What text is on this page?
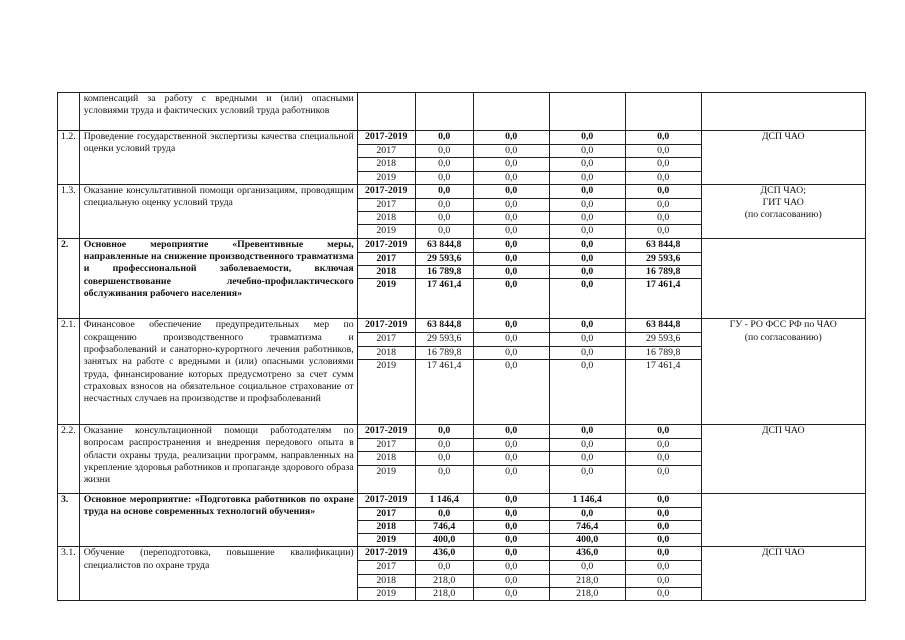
	компенсаций за работу с вредными и (или) опасными условиями труда и фактических условий труда работников						
1.2.	Проведение государственной экспертизы качества специальной оценки условий труда	2017-2019	0,0	0,0	0,0	0,0	ДСП ЧАО

		2017	0,0	0,0	0,0	0,0	
		2018	0,0	0,0	0,0	0,0	
		2019	0,0	0,0	0,0	0,0	
1.3.	Оказание консультативной помощи организациям, проводящим специальную оценку условий труда	2017-2019	0,0	0,0	0,0	0,0	ДСП ЧАО;
ГИТ ЧАО
(по согласованию)

		2017	0,0	0,0	0,0	0,0	
		2018	0,0	0,0	0,0	0,0	
		2019	0,0	0,0	0,0	0,0	
2.	Основное мероприятие «Превентивные меры, направленные на снижение производственного травматизма и профессиональной заболеваемости, включая совершенствование лечебно-профилактического обслуживания рабочего населения»	2017-2019	63 844,8	0,0	0,0	63 844,8	
		2017	29 593,6	0,0	0,0	29 593,6	
		2018	16 789,8	0,0	0,0	16 789,8	
		2019	17 461,4	0,0	0,0	17 461,4	
2.1.	Финансовое обеспечение предупредительных мер по сокращению производственного травматизма и профзаболеваний и санаторно-курортного лечения работников, занятых на работе с вредными и (или) опасными условиями труда, финансирование которых предусмотрено за счет сумм страховых взносов на обязательное социальное страхование от несчастных случаев на производстве и профзаболеваний	2017-2019	63 844,8	0,0	0,0	63 844,8	ГУ - РО ФСС РФ по ЧАО
(по согласованию)

		2017	29 593,6	0,0	0,0	29 593,6	
		2018	16 789,8	0,0	0,0	16 789,8	
		2019	17 461,4	0,0	0,0	17 461,4	
2.2.	Оказание консультационной помощи работодателям по вопросам распространения и внедрения передового опыта в области охраны труда, реализации программ, направленных на укрепление здоровья работников и пропаганде здорового образа жизни	2017-2019	0,0	0,0	0,0	0,0	ДСП ЧАО

		2017	0,0	0,0	0,0	0,0	
		2018	0,0	0,0	0,0	0,0	
		2019	0,0	0,0	0,0	0,0	
3.	Основное мероприятие: «Подготовка работников по охране труда на основе современных технологий обучения»	2017-2019	1 146,4	0,0	1 146,4	0,0	
		2017	0,0	0,0	0,0	0,0	
		2018	746,4	0,0	746,4	0,0	
		2019	400,0	0,0	400,0	0,0	
3.1.	Обучение (переподготовка, повышение квалификации) специалистов по охране труда	2017-2019	436,0	0,0	436,0	0,0	ДСП ЧАО

		2017	0,0	0,0	0,0	0,0	
		2018	218,0	0,0	218,0	0,0	
		2019	218,0	0,0	218,0	0,0	
